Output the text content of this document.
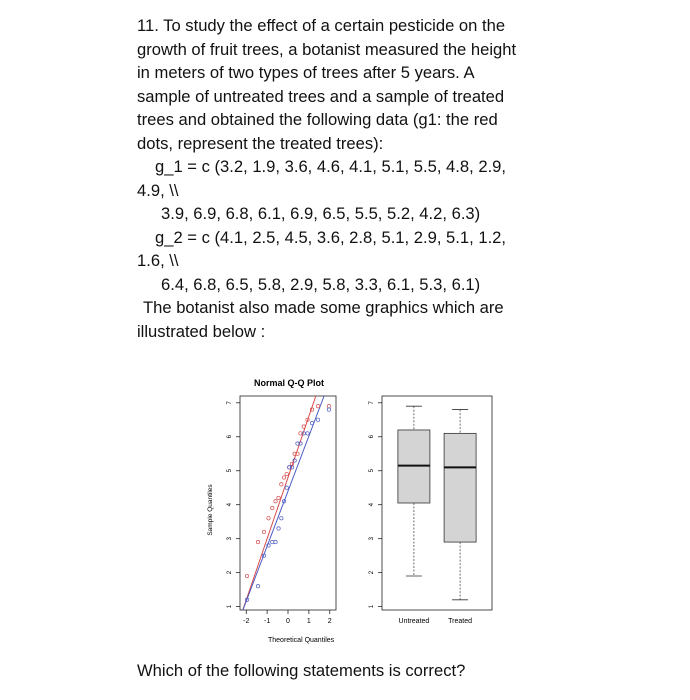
11. To study the effect of a certain pesticide on the
growth of fruit trees, a botanist measured the height
in meters of two types of trees after 5 years. A
sample of untreated trees and a sample of treated
trees and obtained the following data (g1: the red
dots, represent the treated trees):
g_1 = c (3.2, 1.9, 3.6, 4.6, 4.1, 5.1, 5.5, 4.8, 2.9,
4.9, \\
3.9, 6.9, 6.8, 6.1, 6.9, 6.5, 5.5, 5.2, 4.2, 6.3)
g_2 = c (4.1, 2.5, 4.5, 3.6, 2.8, 5.1, 2.9, 5.1, 1.2,
1.6, \\
6.4, 6.8, 6.5, 5.8, 2.9, 5.8, 3.3, 6.1, 5.3, 6.1)
The botanist also made some graphics which are
illustrated below :
Normal Q-Q Plot
Theoretical Quantiles
Sample Quantiles
-2 -1 0 1 2
1
2
3
4
5
6
7
1
2
3
4
5
6
7
Untreated	Treated

Which of the following statements is correct?
